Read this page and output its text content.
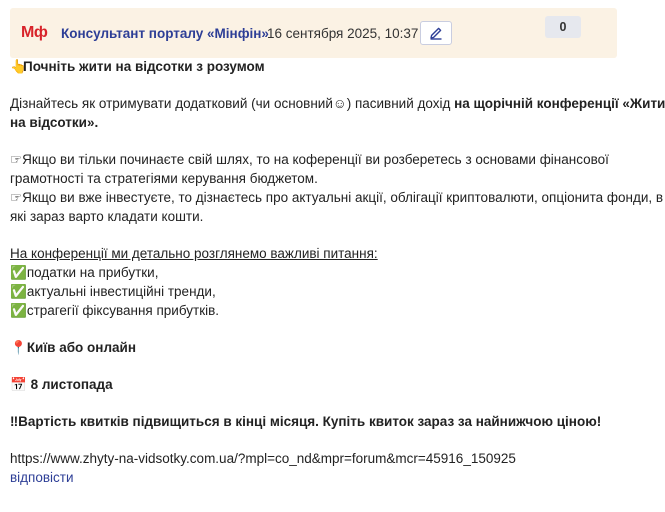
Мф Консультант порталу «Мінфін»
16 сентября 2025, 10:37	0
👆Почніть жити на відсотки з розумом
Дізнайтесь як отримувати додатковий (чи основний☺) пасивний дохід на щорічній конференції «Жити
на відсотки».
☞Якщо ви тільки починаєте свій шлях, то на коференції ви розберетесь з основами фінансової
грамотності та стратегіями керування бюджетом.
☞Якщо ви вже інвестуєте, то дізнаєтесь про актуальні акції, облігації криптовалюти, опціонита фонди, в
які зараз варто кладати кошти.
На конференції ми детально розглянемо важливі питання:
✅податки на прибутки,
✅актуальні інвестиційні тренди,
✅страгегії фіксування прибутків.
📍Київ або онлайн
📅 8 листопада
‼Вартість квитків підвищиться в кінці місяця. Купіть квиток зараз за найнижчою ціною!
https://www.zhyty-na-vidsotky.com.ua/?mpl=co_nd&mpr=forum&mcr=45916_150925
відповісти
